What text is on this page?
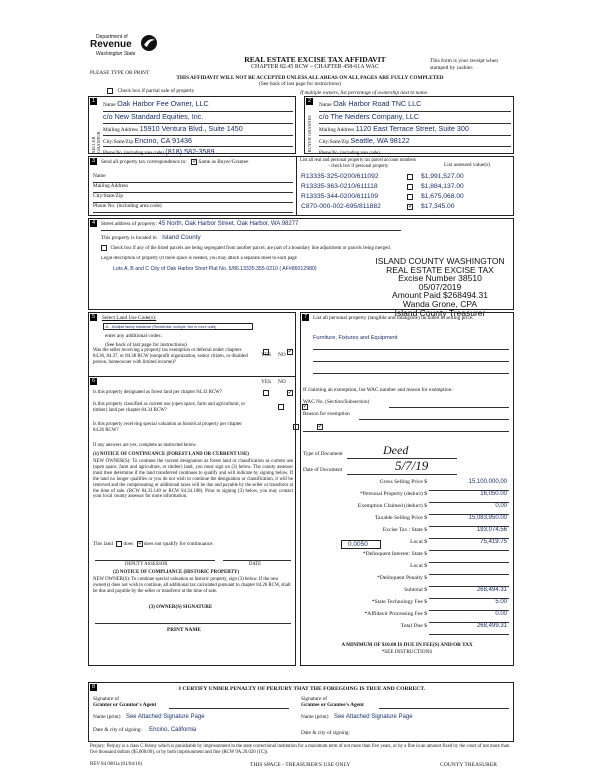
Department of
Revenue
Washington State
PLEASE TYPE OR PRINT
REAL ESTATE EXCISE TAX AFFIDAVIT
CHAPTER 82.45 RCW – CHAPTER 458-61A WAC
THIS AFFIDAVIT WILL NOT BE ACCEPTED UNLESS ALL AREAS ON ALL PAGES ARE FULLY COMPLETED
(See back of last page for instructions)
This form is your receipt when stamped by cashier.
Check box if partial sale of property	If multiple owners, list percentage of ownership next to name.
1
SELLER GRANTOR
Name Oak Harbor Fee Owner, LLC
c/o New Standard Equities, Inc.
Mailing Address 15910 Ventura Blvd., Suite 1450
City/State/Zip Encino, CA 91436
Phone No. (including area code) (818) 582-3589
2
BUYER GRANTEE
Name Oak Harbor Road TNC LLC
c/o The Neiders Company, LLC
Mailing Address 1120 East Terrace Street, Suite 300
City/State/Zip Seattle, WA 98122
Phone No. (including area code)
3	Send all property tax correspondence to: ✓ Same as Buyer/Grantee
Name
Mailing Address
City/State/Zip
Phone No. (including area code)
List all real and personal property tax parcel account numbers – check box if personal property	List assessed value(s)
R13335-325-0200/611092	$1,991,527.00
R13335-363-0210/611118	$1,884,137.00
R13335-344-0200/611109	$1,675,068.00
C870-000-002-695/811882 ✓	$17,345.00
4	Street address of property: 45 North, Oak Harbor Street, Oak Harbor, WA 98277
This property is located in Island County
Check box if any of the listed parcels are being segregated from another parcel, are part of a boundary line adjustment or parcels being merged.
Legal description of property (if more space is needed, you may attach a separate sheet to each page
Lots A, B and C City of Oak Harbor Short Plat No. 5/86.13335.355-0210 ( AF#86012980)
ISLAND COUNTY WASHINGTON
REAL ESTATE EXCISE TAX
Excise Number 38510
05/07/2019
Amount Paid $268494.31
Wanda Grone, CPA
Island County Treasurer
5	Select Land Use Code(s):
11 - Multiple family residence (Residential, multiple, five or more units)
enter any additional codes:
(See back of last page for instructions)
YES NO
Was the seller receiving a property tax exemption or deferral under chapters 84.36, 84.37, or 84.38 RCW (nonprofit organization, senior citizen, or disabled person, homeowner with limited income)?
✓
6	YES NO
Is this property designated as forest land per chapter 84.33 RCW?
✓
Is this property classified as current use (open space, farm and agricultural, or timber) land per chapter 84.34 RCW?
✓
Is this property receiving special valuation as historical property per chapter 84.26 RCW?
✓
If any answers are yes, complete as instructed below.
(1) NOTICE OF CONTINUANCE (FOREST LAND OR CURRENT USE)
NEW OWNER(S): To continue the current designation as forest land or classification as current use (open space, farm and agriculture, or timber) land, you must sign on (3) below. The county assessor must then determine if the land transferred continues to qualify and will indicate by signing below. If the land no longer qualifies or you do not wish to continue the designation or classification, it will be removed and the compensating or additional taxes will be due and payable by the seller or transferor at the time of sale. (RCW 84.33.140 or RCW 84.34.108). Prior to signing (3) below, you may contact your local county assessor for more information.
This land does ✓ does not qualify for continuance.
DEPUTY ASSESSOR	DATE
(2) NOTICE OF COMPLIANCE (HISTORIC PROPERTY)
NEW OWNER(S): To continue special valuation as historic property, sign (3) below. If the new owner(s) does not wish to continue, all additional tax calculated pursuant to chapter 84.26 RCW, shall be due and payable by the seller or transferor at the time of sale.
(3) OWNER(S) SIGNATURE
PRINT NAME
7	List all personal property (tangible and intangible) included in selling price.
Furniture, Fixtures and Equipment
If claiming an exemption, list WAC number and reason for exemption:
WAC No. (Section/Subsection)
Reason for exemption
Type of Document	Deed
Date of Document	5/7/19
Gross Selling Price $	15,100,000.00
*Personal Property (deduct) $	16,050.00
Exemption Claimed (deduct) $	0.00
Taxable Selling Price $	15,083,950.00
Excise Tax : State $	193,074.56
0.0050	Local $	75,419.75
*Delinquent Interest: State $
Local $
*Delinquent Penalty $
Subtotal $	268,494.31
*State Technology Fee $	5.00
*Affidavit Processing Fee $	0.00
Total Due $	268,499.31
A MINIMUM OF $10.00 IS DUE IN FEE(S) AND/OR TAX
*SEE INSTRUCTIONS
8	I CERTIFY UNDER PENALTY OF PERJURY THAT THE FOREGOING IS TRUE AND CORRECT.
Signature of
Grantor or Grantor's Agent
Name (print) See Attached Signature Page
Date & city of signing: Encino, California
Signature of
Grantee or Grantee's Agent
Name (print) See Attached Signature Page
Date & city of signing:
Perjury: Perjury is a class C felony which is punishable by imprisonment in the state correctional institution for a maximum term of not more than five years, or by a fine in an amount fixed by the court of not more than five thousand dollars ($5,000.00), or by both imprisonment and fine (RCW 9A.20.020 (1C)).
REV 84 0001a (01/04/16)	THIS SPACE - TREASURER'S USE ONLY	COUNTY TREASURER
